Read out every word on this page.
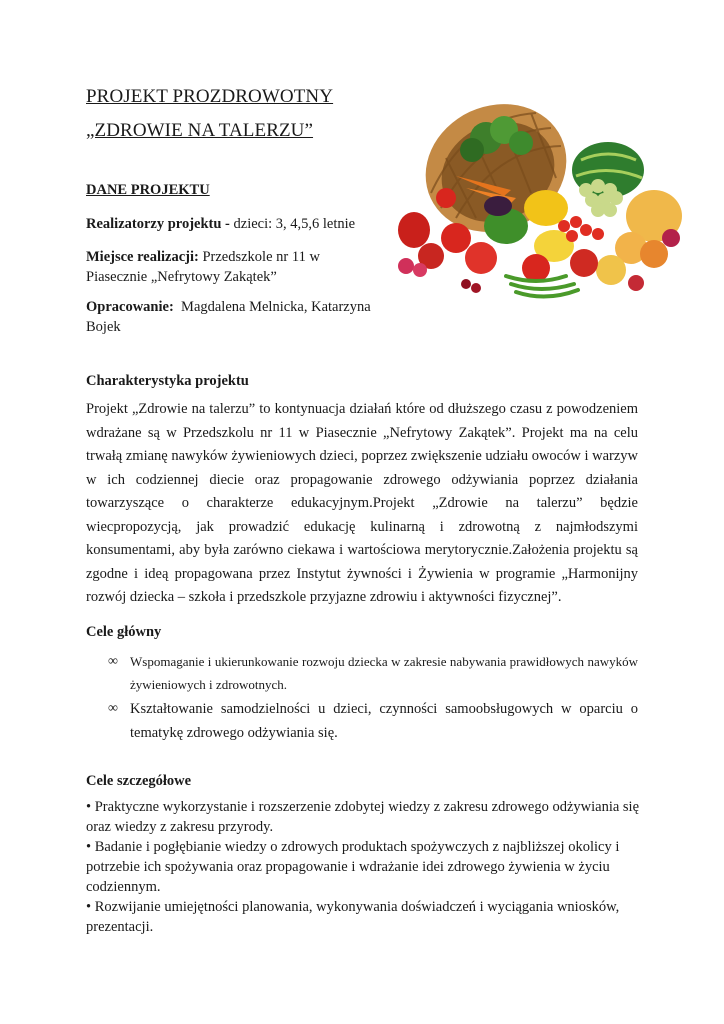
PROJEKT PROZDROWOTNY
„ZDROWIE NA TALERZU”
DANE PROJEKTU
Realizatorzy projektu - dzieci: 3, 4,5,6 letnie
Miejsce realizacji: Przedszkole nr 11 w Piasecznie „Nefrytowy Zakątek”
Opracowanie:  Magdalena Melnicka, Katarzyna Bojek
Charakterystyka projektu
Projekt „Zdrowie na talerzu” to kontynuacja działań które od dłuższego czasu z powodzeniem wdrażane są w Przedszkolu nr 11 w Piasecznie „Nefrytowy Zakątek”. Projekt ma na celu trwałą zmianę nawyków żywieniowych dzieci, poprzez zwiększenie udziału owoców i warzyw w ich codziennej diecie oraz propagowanie zdrowego odżywiania poprzez działania towarzyszące o charakterze edukacyjnym.Projekt „Zdrowie na talerzu” będzie wiecpropozycją, jak prowadzić edukację kulinarną i zdrowotną z najmłodszymi konsumentami, aby była zarówno ciekawa i wartościowa merytorycznie.Założenia projektu są zgodne i ideą propagowana przez Instytut żywności i Żywienia w programie „Harmonijny rozwój dziecka – szkoła i przedszkole przyjazne zdrowiu i aktywności fizycznej”.
Cele główny
∞ Wspomaganie i ukierunkowanie rozwoju dziecka w zakresie nabywania prawidłowych nawyków żywieniowych i zdrowotnych.
∞ Kształtowanie samodzielności u dzieci, czynności samoobsługowych w oparciu o tematykę zdrowego odżywiania się.
Cele szczegółowe
• Praktyczne wykorzystanie i rozszerzenie zdobytej wiedzy z zakresu zdrowego odżywiania się oraz wiedzy z zakresu przyrody.
• Badanie i pogłębianie wiedzy o zdrowych produktach spożywczych z najbliższej okolicy i potrzebie ich spożywania oraz propagowanie i wdrażanie idei zdrowego żywienia w życiu codziennym.
• Rozwijanie umiejętności planowania, wykonywania doświadczeń i wyciągania wniosków, prezentacji.
